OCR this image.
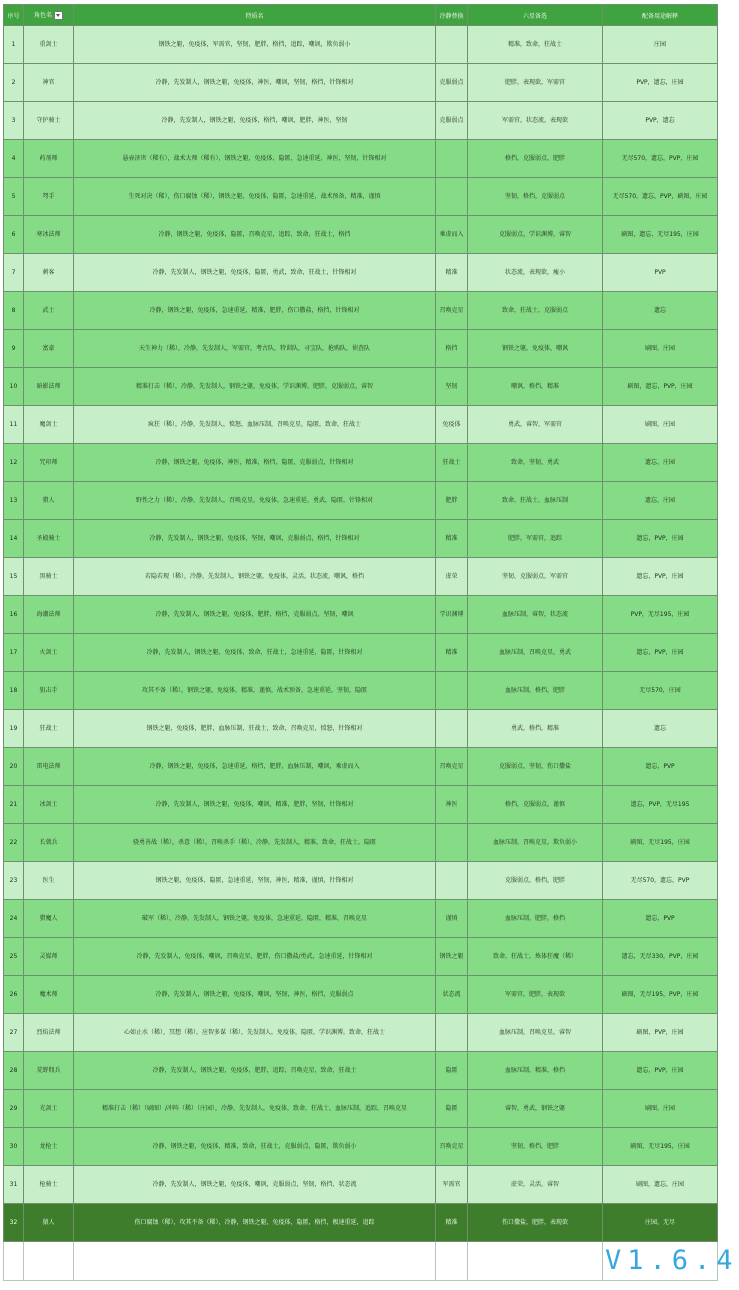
序号	角色名	特质名	冷静替换	六星备选	配备用途解释
1	重剑士	钢铁之躯，免疫体，军需官，坚韧，肥胖，格挡，追踪，嘲讽，欺负弱小		精准，致命，狂战士	庄园
2	神官	冷静，先发制人，钢铁之躯，免疫体，神医，嘲讽，坚韧，格挡，针锋相对	克服弱点	肥胖，表现欲，军需官	PVP，遗忘，庄园
3	守护骑士	冷静，先发制人，钢铁之躯，免疫体，格挡，嘲讽，肥胖，神医，坚韧	克服弱点	军需官，状态流，表现欲	PVP，遗忘
4	药剂师	悬壶济世（稀有），战术大师（稀有），钢铁之躯，免疫体，隐匿，急速重延，神医，坚韧，针锋相对		格挡，克服弱点，肥胖	无尽570，遗忘，PVP，庄园
5	弩手	生死对决（稀），伤口腐蚀（稀），钢铁之躯，免疫体，隐匿，急速重延，战术预备，精准，谨慎		坚韧，格挡，克服弱点	无尽570，遗忘，PVP，刷图，庄园
6	寒冰法师	冷静，钢铁之躯，免疫体，隐匿，召唤克星，追踪，致命，狂战士，格挡	乘虚而入	克服弱点，学识渊博，睿智	刷图，遗忘，无尽195，庄园
7	刺客	冷静，先发制人，钢铁之躯，免疫体，隐匿，勇武，致命，狂战士，针锋相对	精准	状态流，表现欲，瘦小	PVP
8	武士	冷静，钢铁之躯，免疫体，急速重延，精准，肥胖，伤口撒盐，格挡，针锋相对	召唤克星	致命，狂战士，克服弱点	遗忘
9	富豪	天生神力（稀），冷静，先发制人，军需官，考古队，特训队，寻宝队，抢购队，侦查队	格挡	钢铁之躯，免疫体，嘲讽	刷图，庄园
10	暗影法师	精准打击（稀），冷静，先发制人，钢铁之躯，免疫体，学识渊博，肥胖，克服弱点，睿智	坚韧	嘲讽，格挡，精准	刷图，遗忘，PVP，庄园
11	魔剑士	疯狂（稀），冷静，先发制人，愤怒，血脉压制，召唤克星，隐匿，致命，狂战士	免疫体	勇武，睿智，军需官	刷图，庄园
12	咒印师	冷静，钢铁之躯，免疫体，神医，精准，格挡，隐匿，克服弱点，针锋相对	狂战士	致命，坚韧，勇武	遗忘，庄园
13	猎人	野性之力（稀），冷静，先发制人，召唤克星，免疫体，急速重延，勇武，隐匿，针锋相对	肥胖	致命，狂战士，血脉压制	遗忘，庄园
14	圣殿骑士	冷静，先发制人，钢铁之躯，免疫体，坚韧，嘲讽，克服弱点，格挡，针锋相对	精准	肥胖，军需官，追踪	遗忘，PVP，庄园
15	黑骑士	若隐若现（稀），冷静，先发制人，钢铁之躯，免疫体，灵活，状态流，嘲讽，格挡	虚荣	坚韧，克服弱点，军需官	遗忘，PVP，庄园
16	海潮法师	冷静，先发制人，钢铁之躯，免疫体，肥胖，格挡，克服弱点，坚韧，嘲讽	学识渊博	血脉压制，睿智，状态流	PVP，无尽195，庄园
17	火剑士	冷静，先发制人，钢铁之躯，免疫体，致命，狂战士，急速重延，隐匿，针锋相对	精准	血脉压制，召唤克星，勇武	遗忘，PVP，庄园
18	狙击手	攻其不备（稀），钢铁之躯，免疫体，精准，谨慎，战术预备，急速重延，坚韧，隐匿		血脉压制，格挡，肥胖	无尽570，庄园
19	狂战士	钢铁之躯，免疫体，肥胖，血脉压制，狂战士，致命，召唤克星，愤怒，针锋相对		勇武，格挡，精准	遗忘
20	雷电法师	冷静，钢铁之躯，免疫体，急速重延，格挡，肥胖，血脉压制，嘲讽，乘虚而入	召唤克星	克服弱点，坚韧，伤口撒盐	遗忘，PVP
21	冰剑士	冷静，先发制人，钢铁之躯，免疫体，嘲讽，精准，肥胖，坚韧，针锋相对	神医	格挡，克服弱点，谨慎	遗忘，PVP，无尽195
22	长戟兵	骁勇善战（稀），杀意（稀），召唤杀手（稀），冷静，先发制人，精准，致命，狂战士，隐匿		血脉压制，召唤克星，欺负弱小	刷图，无尽195，庄园
23	医生	钢铁之躯，免疫体，隐匿，急速重延，坚韧，神医，精准，谨慎，针锋相对		克服弱点，格挡，肥胖	无尽570，遗忘，PVP
24	猎魔人	破军（稀），冷静，先发制人，钢铁之躯，免疫体，急速重延，隐匿，精准，召唤克星	谨慎	血脉压制，肥胖，格挡	遗忘，PVP
25	灵媒师	冷静，先发制人，免疫体，嘲讽，召唤克星，肥胖，伤口撒盐/勇武，急速重延，针锋相对	钢铁之躯	致命，狂战士，炼体狂魔（稀）	遗忘，无尽330，PVP，庄园
26	魔术师	冷静，先发制人，钢铁之躯，免疫体，嘲讽，坚韧，神医，格挡，克服弱点	状态流	军需官，肥胖，表现欲	刷图，无尽195，PVP，庄园
27	烈焰法师	心如止水（稀），冥想（稀），应智多谋（稀），先发制人，免疫体，隐匿，学识渊博，致命，狂战士		血脉压制，召唤克星，睿智	刷图，PVP，庄园
28	荒野佣兵	冷静，先发制人，钢铁之躯，免疫体，肥胖，追踪，召唤克星，致命，狂战士	隐匿	血脉压制，精准，格挡	遗忘，PVP，庄园
29	光剑士	精准打击（稀）（刷图）/冲阵（稀）（庄园），冷静，先发制人，免疫体，致命，狂战士，血脉压制，追踪，召唤克星	隐匿	睿智，勇武，钢铁之躯	刷图，庄园
30	龙枪士	冷静，钢铁之躯，免疫体，精准，致命，狂战士，克服弱点，隐匿，欺负弱小	召唤克星	坚韧，格挡，肥胖	刷图，无尽195，庄园
31	枪骑士	冷静，先发制人，钢铁之躯，免疫体，嘲讽，克服弱点，坚韧，格挡，状态流	军需官	虚荣，灵活，睿智	刷图，遗忘，庄园
32	猿人	伤口腐蚀（稀），攻其不备（稀），冷静，钢铁之躯，免疫体，隐匿，格挡，极速重延，追踪	精准	伤口撒盐，肥胖，表现欲	庄园，无尽
					V1.6.4
